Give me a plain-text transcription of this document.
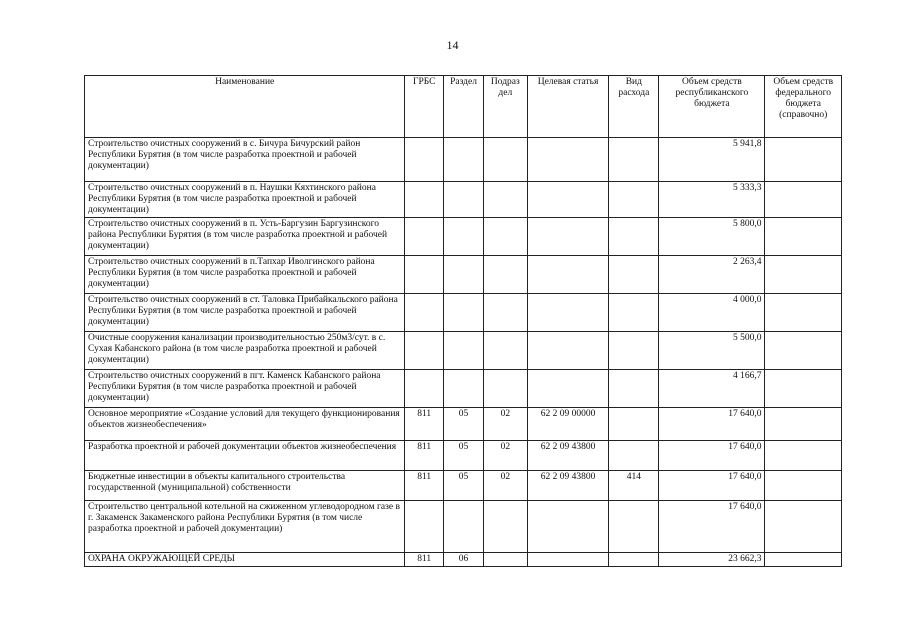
14
Наименование	ГРБС	Раздел	Подраз дел	Целевая статья	Вид расхода	Объем средств республиканского бюджета	Объем средств федерального бюджета (справочно)
Строительство очистных сооружений в с. Бичура Бичурский район Республики Бурятия (в том числе разработка проектной и рабочей документации)						5 941,8	
Строительство очистных сооружений в п. Наушки Кяхтинского района Республики Бурятия (в том числе разработка проектной и рабочей документации)						5 333,3	
Строительство очистных сооружений в п. Усть-Баргузин Баргузинского района Республики Бурятия (в том числе разработка проектной и рабочей документации)						5 800,0	
Строительство очистных сооружений в п.Тапхар Иволгинского района Республики Бурятия (в том числе разработка проектной и рабочей документации)						2 263,4	
Строительство очистных сооружений в ст. Таловка Прибайкальского района Республики Бурятия (в том числе разработка проектной и рабочей документации)						4 000,0	
Очистные сооружения канализации производительностью 250м3/сут. в с. Сухая Кабанского района (в том числе разработка проектной и рабочей документации)						5 500,0	
Строительство очистных сооружений в пгт. Каменск Кабанского района Республики Бурятия (в том числе разработка проектной и рабочей документации)						4 166,7	
Основное мероприятие «Создание условий для текущего функционирования объектов жизнеобеспечения»	811	05	02	62 2 09 00000		17 640,0	
Разработка проектной и рабочей документации объектов жизнеобеспечения	811	05	02	62 2 09 43800		17 640,0	
Бюджетные инвестиции в объекты капитального строительства государственной (муниципальной) собственности	811	05	02	62 2 09 43800	414	17 640,0	
Строительство центральной котельной на сжиженном углеводородном газе в г. Закаменск Закаменского района Республики Бурятия (в том числе разработка проектной и рабочей документации)						17 640,0	
ОХРАНА ОКРУЖАЮЩЕЙ СРЕДЫ	811	06				23 662,3	
